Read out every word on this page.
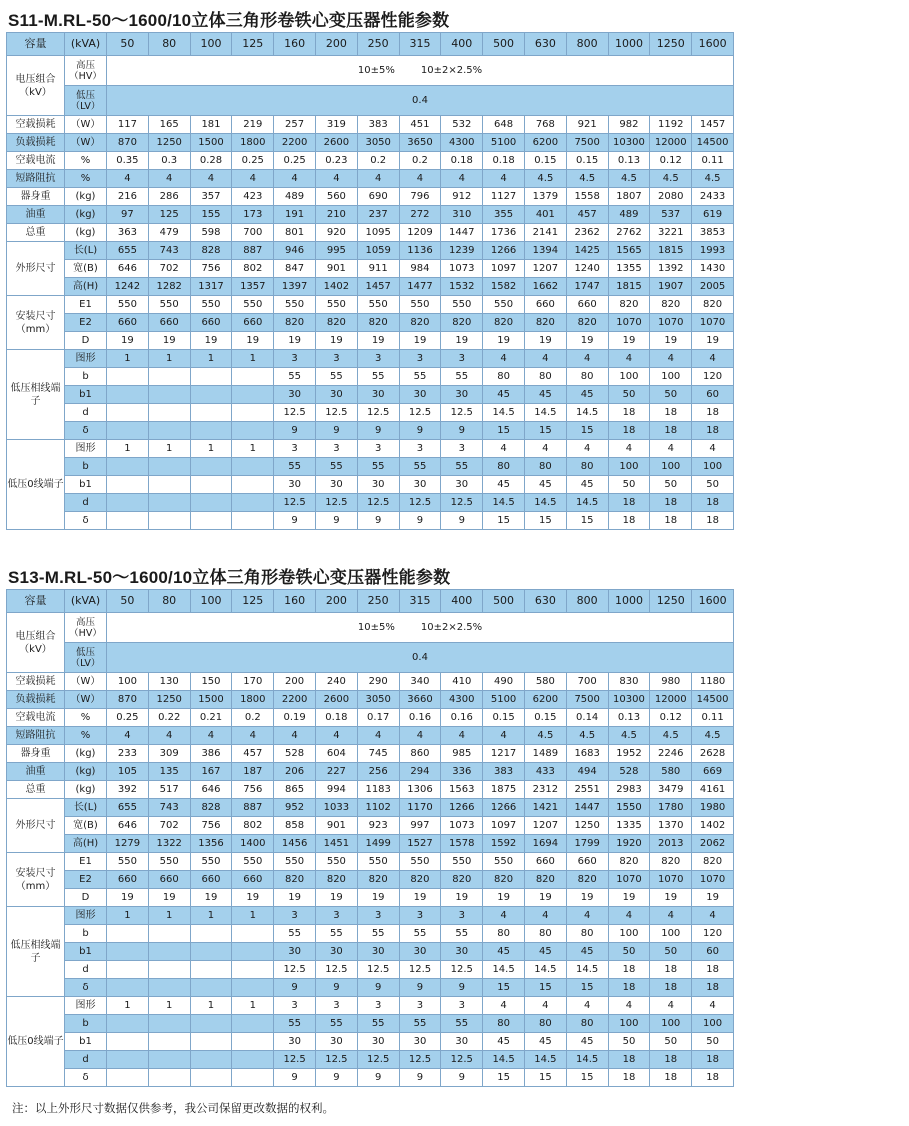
S11-M.RL-50～1600/10立体三角形卷铁心变压器性能参数
容量	(kVA)	50	80	100	125	160	200	250	315	400	500	630	800	1000	1250	1600
电压组合（kV）	高压（HV）	10±5% 10±2×2.5%														
	低压（LV）	0.4														
空载损耗	（W）	117	165	181	219	257	319	383	451	532	648	768	921	982	1192	1457
负载损耗	（W）	870	1250	1500	1800	2200	2600	3050	3650	4300	5100	6200	7500	10300	12000	14500
空载电流	%	0.35	0.3	0.28	0.25	0.25	0.23	0.2	0.2	0.18	0.18	0.15	0.15	0.13	0.12	0.11
短路阻抗	%	4	4	4	4	4	4	4	4	4	4	4.5	4.5	4.5	4.5	4.5
器身重	(kg)	216	286	357	423	489	560	690	796	912	1127	1379	1558	1807	2080	2433
油重	(kg)	97	125	155	173	191	210	237	272	310	355	401	457	489	537	619
总重	(kg)	363	479	598	700	801	920	1095	1209	1447	1736	2141	2362	2762	3221	3853
外形尺寸	长(L)	655	743	828	887	946	995	1059	1136	1239	1266	1394	1425	1565	1815	1993
	宽(B)	646	702	756	802	847	901	911	984	1073	1097	1207	1240	1355	1392	1430
	高(H)	1242	1282	1317	1357	1397	1402	1457	1477	1532	1582	1662	1747	1815	1907	2005
安装尺寸（mm）	E1	550	550	550	550	550	550	550	550	550	550	660	660	820	820	820
	E2	660	660	660	660	820	820	820	820	820	820	820	820	1070	1070	1070
	D	19	19	19	19	19	19	19	19	19	19	19	19	19	19	19
低压相线端子	图形	1	1	1	1	3	3	3	3	3	4	4	4	4	4	4
	b					55	55	55	55	55	80	80	80	100	100	120
	b1					30	30	30	30	30	45	45	45	50	50	60
	d					12.5	12.5	12.5	12.5	12.5	14.5	14.5	14.5	18	18	18
	δ					9	9	9	9	9	15	15	15	18	18	18
低压0线端子	图形	1	1	1	1	3	3	3	3	3	4	4	4	4	4	4
	b					55	55	55	55	55	80	80	80	100	100	100
	b1					30	30	30	30	30	45	45	45	50	50	50
	d					12.5	12.5	12.5	12.5	12.5	14.5	14.5	14.5	18	18	18
	δ					9	9	9	9	9	15	15	15	18	18	18
S13-M.RL-50～1600/10立体三角形卷铁心变压器性能参数
容量	(kVA)	50	80	100	125	160	200	250	315	400	500	630	800	1000	1250	1600
电压组合（kV）	高压（HV）	10±5% 10±2×2.5%														
	低压（LV）	0.4														
空载损耗	（W）	100	130	150	170	200	240	290	340	410	490	580	700	830	980	1180
负载损耗	（W）	870	1250	1500	1800	2200	2600	3050	3660	4300	5100	6200	7500	10300	12000	14500
空载电流	%	0.25	0.22	0.21	0.2	0.19	0.18	0.17	0.16	0.16	0.15	0.15	0.14	0.13	0.12	0.11
短路阻抗	%	4	4	4	4	4	4	4	4	4	4	4.5	4.5	4.5	4.5	4.5
器身重	(kg)	233	309	386	457	528	604	745	860	985	1217	1489	1683	1952	2246	2628
油重	(kg)	105	135	167	187	206	227	256	294	336	383	433	494	528	580	669
总重	(kg)	392	517	646	756	865	994	1183	1306	1563	1875	2312	2551	2983	3479	4161
外形尺寸	长(L)	655	743	828	887	952	1033	1102	1170	1266	1266	1421	1447	1550	1780	1980
	宽(B)	646	702	756	802	858	901	923	997	1073	1097	1207	1250	1335	1370	1402
	高(H)	1279	1322	1356	1400	1456	1451	1499	1527	1578	1592	1694	1799	1920	2013	2062
安装尺寸（mm）	E1	550	550	550	550	550	550	550	550	550	550	660	660	820	820	820
	E2	660	660	660	660	820	820	820	820	820	820	820	820	1070	1070	1070
	D	19	19	19	19	19	19	19	19	19	19	19	19	19	19	19
低压相线端子	图形	1	1	1	1	3	3	3	3	3	4	4	4	4	4	4
	b					55	55	55	55	55	80	80	80	100	100	120
	b1					30	30	30	30	30	45	45	45	50	50	60
	d					12.5	12.5	12.5	12.5	12.5	14.5	14.5	14.5	18	18	18
	δ					9	9	9	9	9	15	15	15	18	18	18
低压0线端子	图形	1	1	1	1	3	3	3	3	3	4	4	4	4	4	4
	b					55	55	55	55	55	80	80	80	100	100	100
	b1					30	30	30	30	30	45	45	45	50	50	50
	d					12.5	12.5	12.5	12.5	12.5	14.5	14.5	14.5	18	18	18
	δ					9	9	9	9	9	15	15	15	18	18	18
注：以上外形尺寸数据仅供参考，我公司保留更改数据的权利。
